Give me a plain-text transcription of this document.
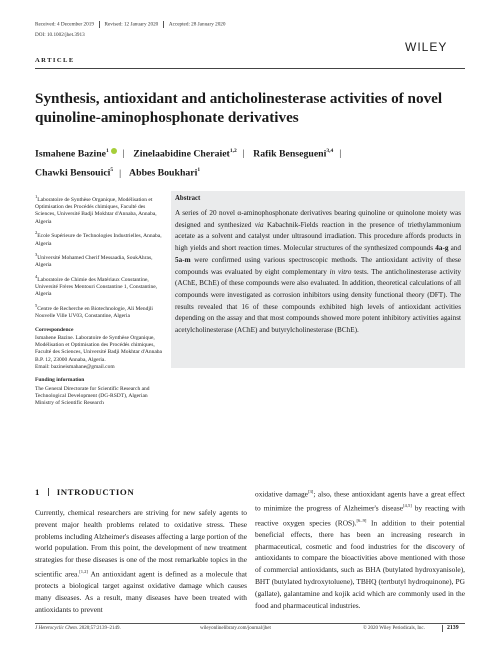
Received: 4 December 2019 Revised: 12 January 2020 Accepted: 28 January 2020
DOI: 10.1002/jhet.3913
WILEY
ARTICLE
Synthesis, antioxidant and anticholinesterase activities of novel quinoline-aminophosphonate derivatives
Ismahene Bazine$^1$ | Zinelaabidine Cheraiet$^{1,2}$ | Rafik Bensegueni$^{3,4}$ |
Chawki Bensouici$^5$ | Abbes Boukhari$^1$

$^1$Laboratoire de Synthèse Organique, Modélisation et Optimisation des Procédés chimiques, Faculté des Sciences, Université Badji Mokhtar d'Annaba, Annaba, Algeria

$^2$Ecole Supérieure de Technologies Industrielles, Annaba, Algeria

$^3$Université Mohamed Cherif Messaadia, SoukAhras, Algeria

$^4$Laboratoire de Chimie des Matériaux Constantine, Université Frères Mentouri Constantine 1, Constantine, Algeria

$^5$Centre de Recherche en Biotechnologie, Ali Mendjli Nouvelle Ville UV03, Constantine, Algeria

Correspondence

Ismahene Bazine. Laboratoire de Synthèse Organique, Modélisation et Optimisation des Procédés chimiques, Faculté des Sciences, Université Badji Mokhtar d'Annaba B.P. 12, 23000 Annaba, Algeria.
Email: bazineismahane@gmail.com

Funding information

The General Directorate for Scientific Research and Technological Development (DG-RSDT), Algerian Ministry of Scientific Research

Abstract
A series of 20 novel α-aminophosphonate derivatives bearing quinoline or quinolone moiety was designed and synthesized via Kabachnik-Fields reaction in the presence of triethylammonium acetate as a solvent and catalyst under ultrasound irradiation. This procedure affords products in high yields and short reaction times. Molecular structures of the synthesized compounds 4a-g and 5a-m were confirmed using various spectroscopic methods. The antioxidant activity of these compounds was evaluated by eight complementary in vitro tests. The anticholinesterase activity (AChE, BChE) of these compounds were also evaluated. In addition, theoretical calculations of all compounds were investigated as corrosion inhibitors using density functional theory (DFT). The results revealed that 16 of these compounds exhibited high levels of antioxidant activities depending on the assay and that most compounds showed more potent inhibitory activities against acetylcholinesterase (AChE) and butyrylcholinesterase (BChE).
1 INTRODUCTION
Currently, chemical researchers are striving for new safely agents to prevent major health problems related to oxidative stress. These problems including Alzheimer's diseases affecting a large portion of the world population. From this point, the development of new treatment strategies for these diseases is one of the most remarkable topics in the scientific area.[1,2] An antioxidant agent is defined as a molecule that protects a biological target against oxidative damage which causes many diseases. As a result, many diseases have been treated with antioxidants to prevent
oxidative damage[3]; also, these antioxidant agents have a great effect to minimize the progress of Alzheimer's disease[4,5] by reacting with reactive oxygen species (ROS).[6–9] In addition to their potential beneficial effects, there has been an increasing research in pharmaceutical, cosmetic and food industries for the discovery of antioxidants to compare the bioactivities above mentioned with those of commercial antioxidants, such as BHA (butylated hydroxyanisole), BHT (butylated hydroxytoluene), TBHQ (tertbutyl hydroquinone), PG (gallate), galantamine and kojik acid which are commonly used in the food and pharmaceutical industries.
J Heterocyclic Chem. 2020;57:2139–2149.	wileyonlinelibrary.com/journal/jhet	© 2020 Wiley Periodicals, Inc.	2139
